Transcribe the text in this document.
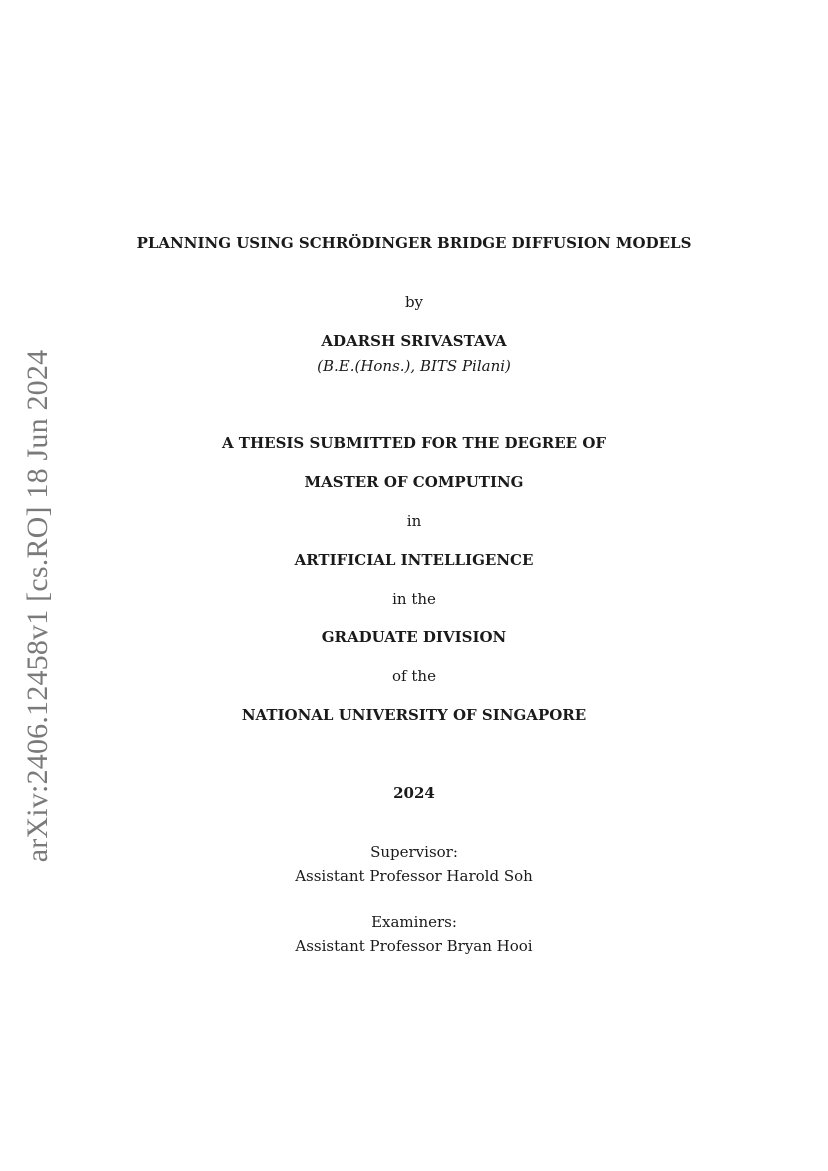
arXiv:2406.12458v1 [cs.RO] 18 Jun 2024
PLANNING USING SCHRÖDINGER BRIDGE DIFFUSION MODELS
by
ADARSH SRIVASTAVA
(B.E.(Hons.), BITS Pilani)
A THESIS SUBMITTED FOR THE DEGREE OF
MASTER OF COMPUTING
in
ARTIFICIAL INTELLIGENCE
in the
GRADUATE DIVISION
of the
NATIONAL UNIVERSITY OF SINGAPORE
2024
Supervisor:
Assistant Professor Harold Soh
Examiners:
Assistant Professor Bryan Hooi
